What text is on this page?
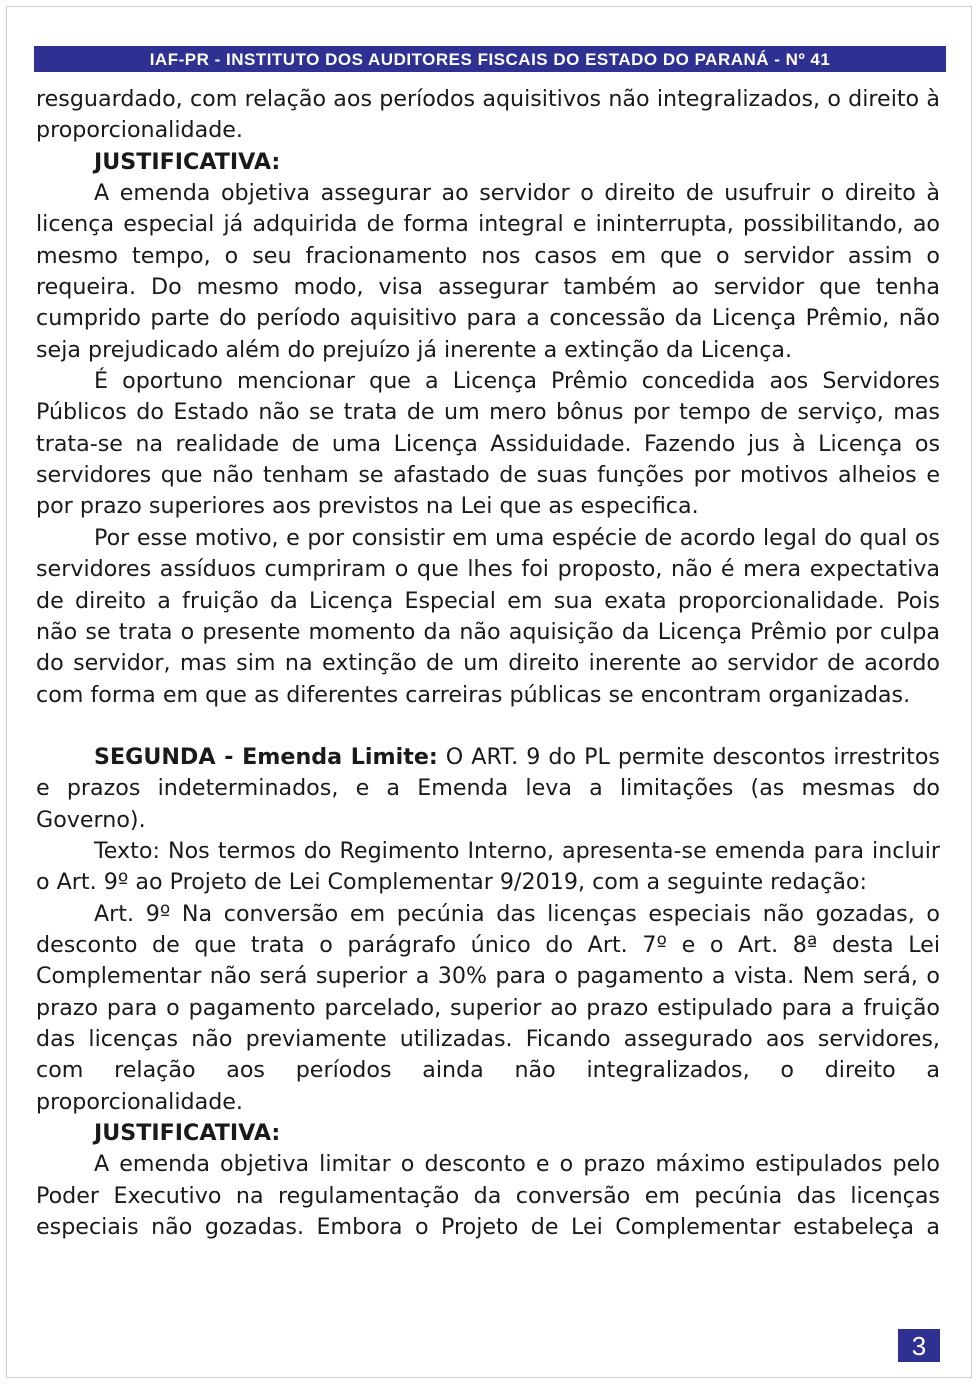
IAF-PR - INSTITUTO DOS AUDITORES FISCAIS DO ESTADO DO PARANÁ - Nº 41

resguardado, com relação aos períodos aquisitivos não integralizados, o direito à proporcionalidade.

JUSTIFICATIVA:

A emenda objetiva assegurar ao servidor o direito de usufruir o direito à licença especial já adquirida de forma integral e ininterrupta, possibilitando, ao mesmo tempo, o seu fracionamento nos casos em que o servidor assim o requeira. Do mesmo modo, visa assegurar também ao servidor que tenha cumprido parte do período aquisitivo para a concessão da Licença Prêmio, não seja prejudicado além do prejuízo já inerente a extinção da Licença.

É oportuno mencionar que a Licença Prêmio concedida aos Servidores Públicos do Estado não se trata de um mero bônus por tempo de serviço, mas trata-se na realidade de uma Licença Assiduidade. Fazendo jus à Licença os servidores que não tenham se afastado de suas funções por motivos alheios e por prazo superiores aos previstos na Lei que as especifica.

Por esse motivo, e por consistir em uma espécie de acordo legal do qual os servidores assíduos cumpriram o que lhes foi proposto, não é mera expectativa de direito a fruição da Licença Especial em sua exata proporcionalidade. Pois não se trata o presente momento da não aquisição da Licença Prêmio por culpa do servidor, mas sim na extinção de um direito inerente ao servidor de acordo com forma em que as diferentes carreiras públicas se encontram organizadas.

SEGUNDA - Emenda Limite: O ART. 9 do PL permite descontos irrestritos e prazos indeterminados, e a Emenda leva a limitações (as mesmas do Governo).

Texto: Nos termos do Regimento Interno, apresenta-se emenda para incluir o Art. 9º ao Projeto de Lei Complementar 9/2019, com a seguinte redação:

Art. 9º Na conversão em pecúnia das licenças especiais não gozadas, o desconto de que trata o parágrafo único do Art. 7º e o Art. 8ª desta Lei Complementar não será superior a 30% para o pagamento a vista. Nem será, o prazo para o pagamento parcelado, superior ao prazo estipulado para a fruição das licenças não previamente utilizadas. Ficando assegurado aos servidores, com relação aos períodos ainda não integralizados, o direito a proporcionalidade.

JUSTIFICATIVA:

A emenda objetiva limitar o desconto e o prazo máximo estipulados pelo Poder Executivo na regulamentação da conversão em pecúnia das licenças especiais não gozadas. Embora o Projeto de Lei Complementar estabeleça a

3
